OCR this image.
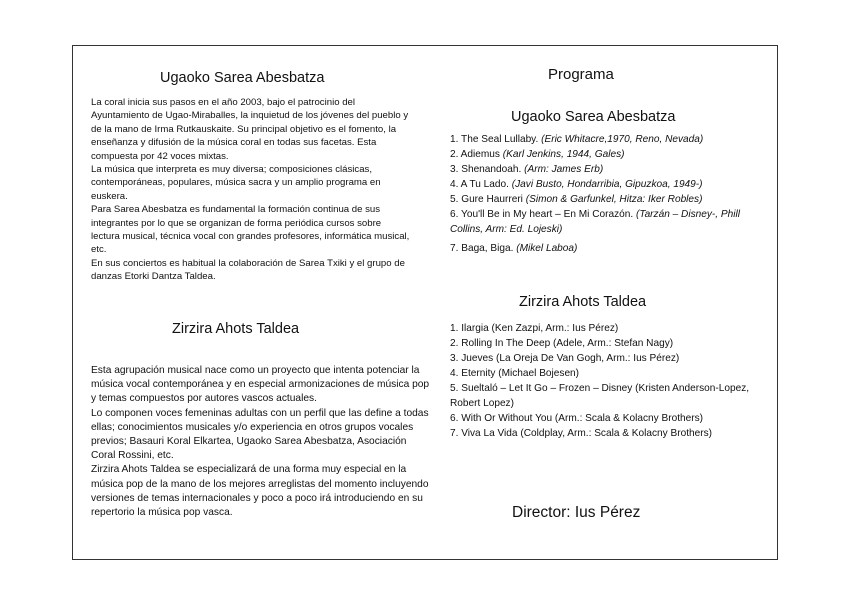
Ugaoko Sarea Abesbatza

La coral inicia sus pasos en el año 2003, bajo el patrocinio del Ayuntamiento de Ugao-Miraballes, la inquietud de los jóvenes del pueblo y de la mano de Irma Rutkauskaite. Su principal objetivo es el fomento, la enseñanza y difusión de la música coral en todas sus facetas. Esta compuesta por 42 voces mixtas.

La música que interpreta es muy diversa; composiciones clásicas, contemporáneas, populares, música sacra y un amplio programa en euskera.

Para Sarea Abesbatza es fundamental la formación continua de sus integrantes por lo que se organizan de forma periódica cursos sobre lectura musical, técnica vocal con grandes profesores, informática musical, etc.

En sus conciertos es habitual la colaboración de Sarea Txiki y el grupo de danzas Etorki Dantza Taldea.

Zirzira Ahots Taldea

Esta agrupación musical nace como un proyecto que intenta potenciar la música vocal contemporánea y en especial armonizaciones de música pop y temas compuestos por autores vascos actuales.

Lo componen voces femeninas adultas con un perfil que las define a todas ellas; conocimientos musicales y/o experiencia en otros grupos vocales previos; Basauri Koral Elkartea, Ugaoko Sarea Abesbatza, Asociación Coral Rossini, etc.

Zirzira Ahots Taldea se especializará de una forma muy especial en la música pop de la mano de los mejores arreglistas del momento incluyendo versiones de temas internacionales y poco a poco irá introduciendo en su repertorio la música pop vasca.

Programa
Ugaoko Sarea Abesbatza
1. The Seal Lullaby. (Eric Whitacre,1970, Reno, Nevada)
2. Adiemus (Karl Jenkins, 1944, Gales)
3. Shenandoah. (Arm: James Erb)
4. A Tu Lado. (Javi Busto, Hondarribia, Gipuzkoa, 1949-)
5. Gure Haurreri (Simon & Garfunkel, Hitza: Iker Robles)
6. You'll Be in My heart – En Mi Corazón. (Tarzán – Disney-, Phill Collins, Arm: Ed. Lojeski)
7. Baga, Biga. (Mikel Laboa)
Zirzira Ahots Taldea
1. Ilargia (Ken Zazpi, Arm.: Ius Pérez)
2. Rolling In The Deep (Adele, Arm.: Stefan Nagy)
3. Jueves (La Oreja De Van Gogh, Arm.: Ius Pérez)
4. Eternity (Michael Bojesen)
5. Sueltaló – Let It Go – Frozen – Disney (Kristen Anderson-Lopez, Robert Lopez)
6. With Or Without You (Arm.: Scala & Kolacny Brothers)
7. Viva La Vida (Coldplay, Arm.: Scala & Kolacny Brothers)
Director: Ius Pérez
